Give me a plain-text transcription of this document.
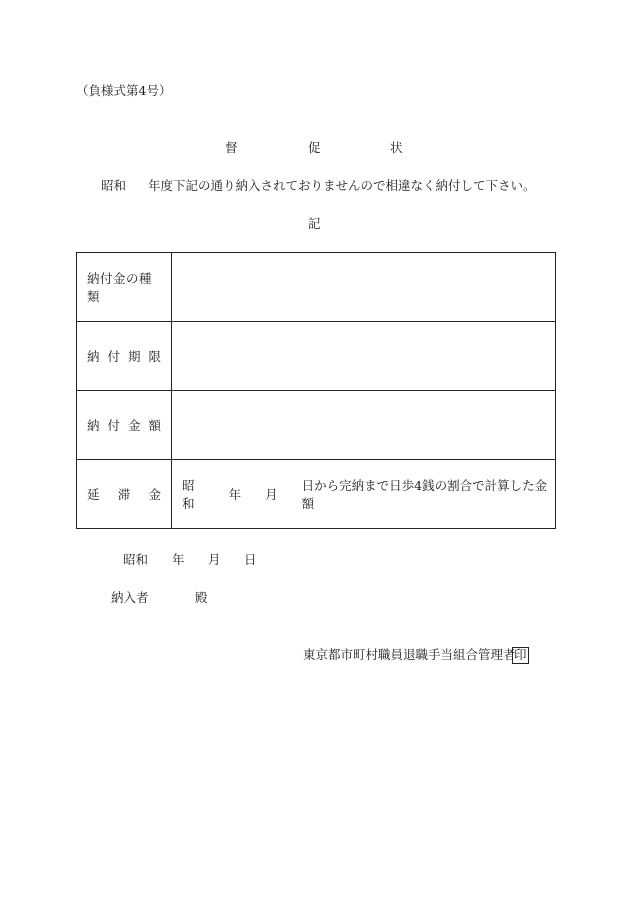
（負様式第4号）
督	促	状
昭和 年度下記の通り納入されておりませんので相違なく納付して下さい。
記
納付金の種類	

納 付 期 限	

納 付 金 額	

延 滞 金	昭和
年 月
日から完納まで日歩4銭の割合で計算した金額
昭和 年 月 日
納入者	殿
東京都市町村職員退職手当組合管理者
印
